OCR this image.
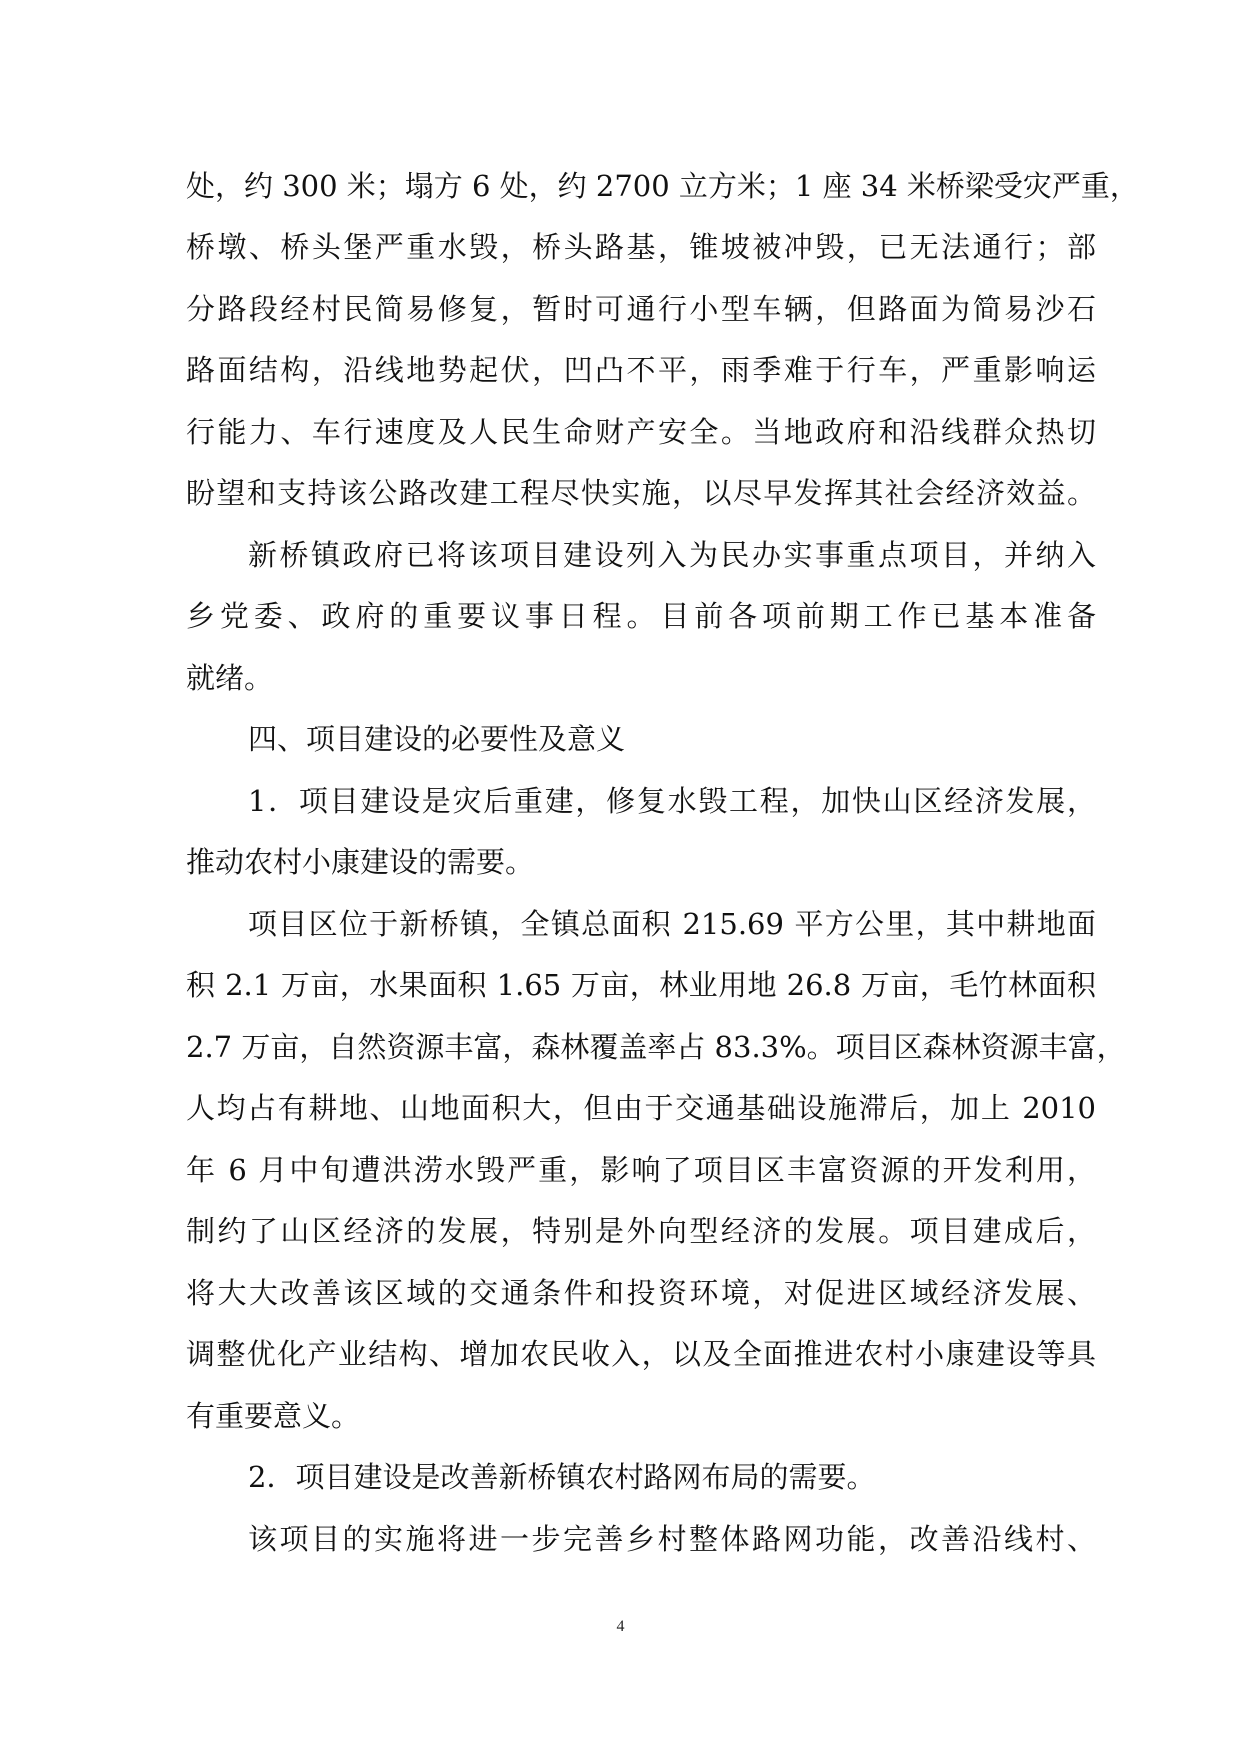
处，约 300 米；塌方 6 处，约 2700 立方米；1 座 34 米桥梁受灾严重，
桥墩、桥头堡严重水毁，桥头路基，锥坡被冲毁，已无法通行；部
分路段经村民简易修复，暂时可通行小型车辆，但路面为简易沙石
路面结构，沿线地势起伏，凹凸不平，雨季难于行车，严重影响运
行能力、车行速度及人民生命财产安全。当地政府和沿线群众热切
盼望和支持该公路改建工程尽快实施，以尽早发挥其社会经济效益。
新桥镇政府已将该项目建设列入为民办实事重点项目，并纳入
乡党委、政府的重要议事日程。目前各项前期工作已基本准备
就绪。
四、项目建设的必要性及意义
1．项目建设是灾后重建，修复水毁工程，加快山区经济发展，
推动农村小康建设的需要。
项目区位于新桥镇，全镇总面积 215.69 平方公里，其中耕地面
积 2.1 万亩，水果面积 1.65 万亩，林业用地 26.8 万亩，毛竹林面积
2.7 万亩，自然资源丰富，森林覆盖率占 83.3%。项目区森林资源丰富，
人均占有耕地、山地面积大，但由于交通基础设施滞后，加上 2010
年 6 月中旬遭洪涝水毁严重，影响了项目区丰富资源的开发利用，
制约了山区经济的发展，特别是外向型经济的发展。项目建成后，
将大大改善该区域的交通条件和投资环境，对促进区域经济发展、
调整优化产业结构、增加农民收入，以及全面推进农村小康建设等具
有重要意义。
2．项目建设是改善新桥镇农村路网布局的需要。
该项目的实施将进一步完善乡村整体路网功能，改善沿线村、
4
